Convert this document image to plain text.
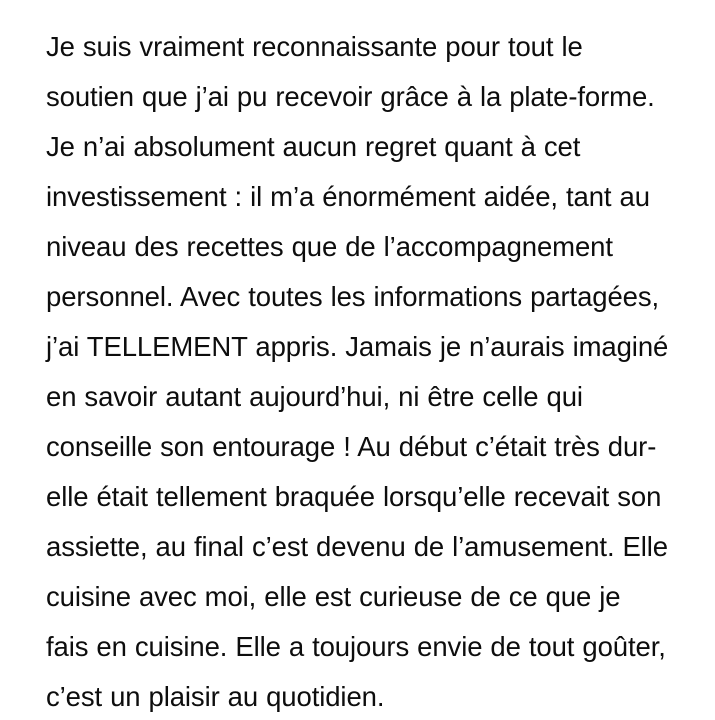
Je suis vraiment reconnaissante pour tout le soutien que j’ai pu recevoir grâce à la plate-forme. Je n’ai absolument aucun regret quant à cet investissement : il m’a énormément aidée, tant au niveau des recettes que de l’accompagnement personnel. Avec toutes les informations partagées, j’ai TELLEMENT appris. Jamais je n’aurais imaginé en savoir autant aujourd’hui, ni être celle qui conseille son entourage ! Au début c’était très dur- elle était tellement braquée lorsqu’elle recevait son assiette, au final c’est devenu de l’amusement. Elle cuisine avec moi, elle est curieuse de ce que je fais en cuisine. Elle a toujours envie de tout goûter, c’est un plaisir au quotidien.
